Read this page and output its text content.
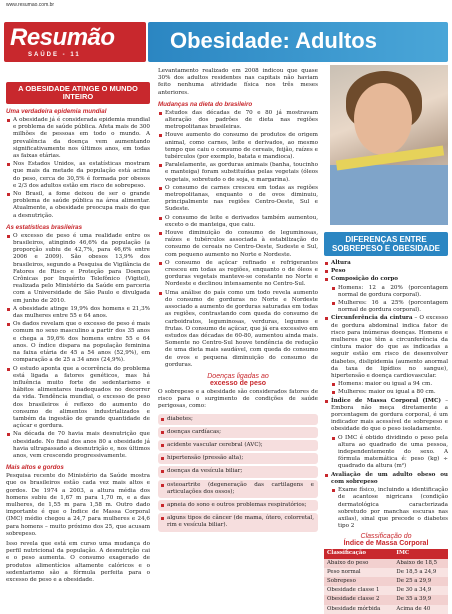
www.resumao.com.br
Resumão
SAÚDE - 11
Obesidade: Adultos
A OBESIDADE ATINGE O MUNDO INTEIRO
Uma verdadeira epidemia mundial
A obesidade já é considerada epidemia mundial e problema de saúde pública. Afeta mais de 300 milhões de pessoas em todo o mundo. A prevalência da doença vem aumentando significativamente nos últimos anos, em todas as faixas etárias.
Nos Estados Unidos, as estatísticas mostram que mais da metade da população está acima do peso, cerca de 30,5% é formada por obesos e 2/3 dos adultos estão em risco de sobrepeso.
No Brasil, a fome deixou de ser o grande problema de saúde pública na área alimentar. Atualmente, a obesidade preocupa mais do que a desnutrição.
As estatísticas brasileiras
O excesso de peso é uma realidade entre os brasileiros, atingindo 46,6% da população (a proporção subiu de 42,7%, para 46,6% entre 2006 e 2009). São obesos 13,9% dos brasileiros, segundo a Pesquisa de Vigilância de Fatores de Risco e Proteção para Doenças Crônicas por Inquérito Telefônico (Vigitel), realizada pelo Ministério da Saúde em parceria com a Universidade de São Paulo e divulgada em junho de 2010.
A obesidade atinge 19,9% dos homens e 21,3% das mulheres entre 55 e 64 anos.
Os dados revelam que o excesso de peso é mais comum no sexo masculino a partir dos 35 anos e chega a 59,6% dos homens entre 55 e 64 anos. O índice dispara na população feminina na faixa etária de 45 a 54 anos (52,9%), em comparação a de 25 a 34 anos (24,9%).
O estudo aponta que a ocorrência do problema está ligada a fatores genéticos, mas há influência muito forte de sedentarismo e hábitos alimentares inadequados no decorrer da vida. Tendência mundial, o excesso de peso dos brasileiros é reflexo do aumento do consumo de alimentos industrializados e também da ingestão de grande quantidade de açúcar e gordura.
Na década de 70 havia mais desnutrição que obesidade. No final dos anos 80 a obesidade já havia ultrapassado a desnutrição e, nos últimos anos, vem crescendo progressivamente.
Mais altos e gordos

Pesquisa recente do Ministério da Saúde mostra que os brasileiros estão cada vez mais altos e gordos. De 1974 a 2003, a altura média dos homens subiu de 1,67 m para 1,70 m, e a das mulheres, de 1,55 m para 1,58 m. Outro dado importante é que o Índice de Massa Corporal (IMC) médio chegou a 24,7 para mulheres e 24,6 para homens – muito próximo dos 25, que acusam sobrepeso.

Isso revela que está em curso uma mudança do perfil nutricional da população. A desnutrição cai e o peso aumenta. O consumo exagerado de produtos alimentícios altamente calóricos e o sedentarismo são a fórmula perfeita para o excesso de peso e a obesidade.

Levantamento realizado em 2008 indicou que quase 30% dos adultos residentes nas capitais não haviam feito nenhuma atividade física nos três meses anteriores.

Mudanças na dieta do brasileiro
Estudos das décadas de 70 e 80 já mostravam alteração dos padrões de dieta nas regiões metropolitanas brasileiras.
Houve aumento do consumo de produtos de origem animal, como carnes, leite e derivados, ao mesmo tempo que caiu o consumo de cereais, feijão, raízes e tubérculos (por exemplo, batata e mandioca).
Paralelamente, as gorduras animais (banha, toucinho e manteiga) foram substituídas pelas vegetais (óleos vegetais, sobretudo o de soja, e margarina).
O consumo de carnes cresceu em todas as regiões metropolitanas, enquanto o de ovos diminuiu, principalmente nas regiões Centro-Oeste, Sul e Sudeste.
O consumo de leite e derivados também aumentou, exceto o de manteiga, que caiu.
Houve diminuição do consumo de leguminosas, raízes e tubérculos associada à estabilização do consumo de cereais no Centro-Oeste, Sudeste e Sul, com pequeno aumento no Norte e Nordeste.
O consumo de açúcar refinado e refrigerantes cresceu em todas as regiões, enquanto o de óleos e gorduras vegetais manteve-se constante no Norte e Nordeste e declinou intensamente no Centro-Sul.
Uma análise do país como um todo revela aumento do consumo de gorduras no Norte e Nordeste associado a aumento de gorduras saturadas em todas as regiões, contrastando com queda do consumo de carboidratos, leguminosas, verduras, legumes e frutas. O consumo de açúcar, que já era excessivo em estudos das décadas de 60-80, aumentou ainda mais. Somente no Centro-Sul houve tendência de redução de uma dieta mais saudável, com queda do consumo de ovos e pequena diminuição do consumo de gorduras.
Doenças ligadas ao
excesso de peso

O sobrepeso e a obesidade são considerados fatores de risco para o surgimento de condições de saúde perigosas, como:

diabetes;
doenças cardíacas;
acidente vascular cerebral (AVC);
hipertensão (pressão alta);
doenças da vesícula biliar;
osteoartrite (degeneração das cartilagens e articulações dos ossos);
apneia do sono e outros problemas respiratórios;
alguns tipos de câncer (de mama, útero, colorretal, rim e vesícula biliar).
DIFERENÇAS ENTRE SOBREPESO E OBESIDADE
Altura
Peso
Composição do corpo
Homens: 12 a 20% (porcentagem normal de gordura corporal).
Mulheres: 16 a 25% (porcentagem normal de gordura corporal).
Circunferência da cintura – O excesso de gordura abdominal indica fator de risco para inúmeras doenças. Homens e mulheres que têm a circunferência da cintura maior do que as indicadas a seguir estão em risco de desenvolver diabetes, dislipidemia (aumento anormal da taxa de lipídios no sangue), hipertensão e doença cardiovascular.
Homens: maior ou igual a 94 cm.
Mulheres: maior ou igual a 80 cm.
Índice de Massa Corporal (IMC) – Embora não meça diretamente a porcentagem de gordura corporal, é um indicador mais acessível de sobrepeso e obesidade do que o peso isoladamente.
O IMC é obtido dividindo o peso pela altura ao quadrado de uma pessoa, independentemente do sexo. A fórmula matemática é: peso (kg) ÷ quadrado da altura (m²)
Avaliação de um adulto obeso ou com sobrepeso
Exame físico, incluindo a identificação de acantose nigricans (condição dermatológica caracterizada sobretudo por manchas escuras nas axilas), sinal que precede o diabetes tipo 2
Classificação do
Índice de Massa Corporal
Classificação	IMC
Abaixo do peso	Abaixo de 18,5
Peso normal	De 18,5 a 24,9
Sobrepeso	De 25 a 29,9
Obesidade classe 1	De 30 a 34,9
Obesidade classe 2	De 35 a 39,9
Obesidade mórbida	Acima de 40
